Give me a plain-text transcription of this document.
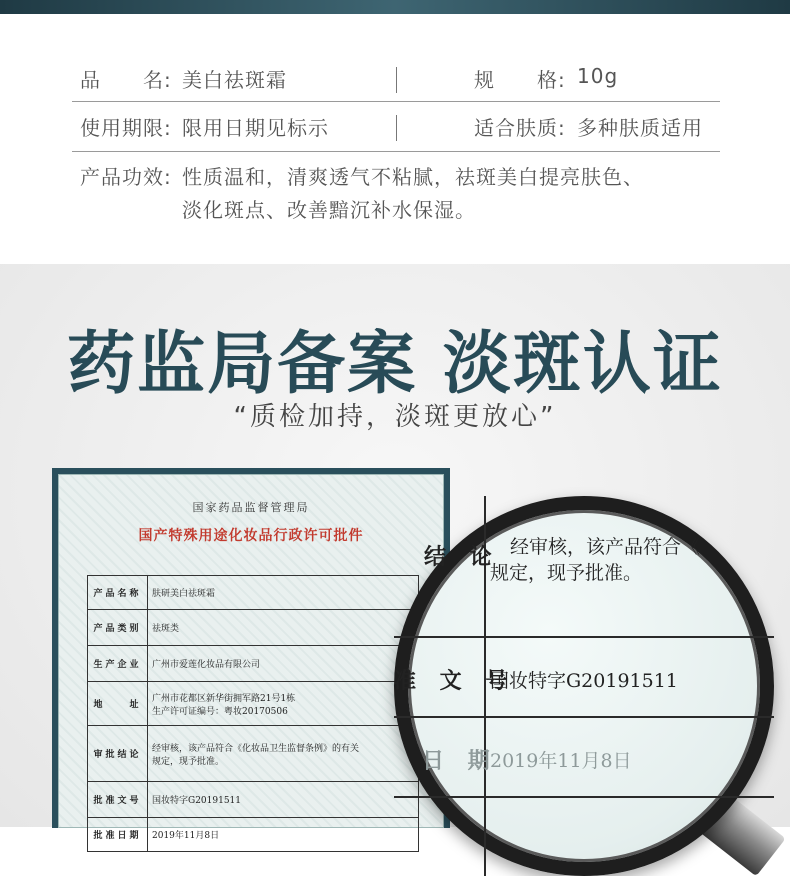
品　　名: 美白祛斑霜	规　　格: 10g
使用期限: 限用日期见标示	适合肤质: 多种肤质适用
产品功效: 性质温和，清爽透气不粘腻，祛斑美白提亮肤色、
淡化斑点、改善黯沉补水保湿。
药监局备案 淡斑认证

“质检加持，淡斑更放心”

国家药品监督管理局
国产特殊用途化妆品行政许可批件
产品名称	肤研美白祛斑霜
产品类别	祛斑类
生产企业	广州市爱莲化妆品有限公司
地　　址	广州市花都区新华街拥军路21号1栋
生产许可证编号：粤妆20170506

审批结论	经审核，该产品符合《化妆品卫生监督条例》的有关
规定，现予批准。

批准文号	国妆特字G20191511
批准日期	2019年11月8日
结 论 经审核，该产品符合《
规定，现予批准。
准 文 号
国妆特字G20191511
日 期
2019年11月8日
